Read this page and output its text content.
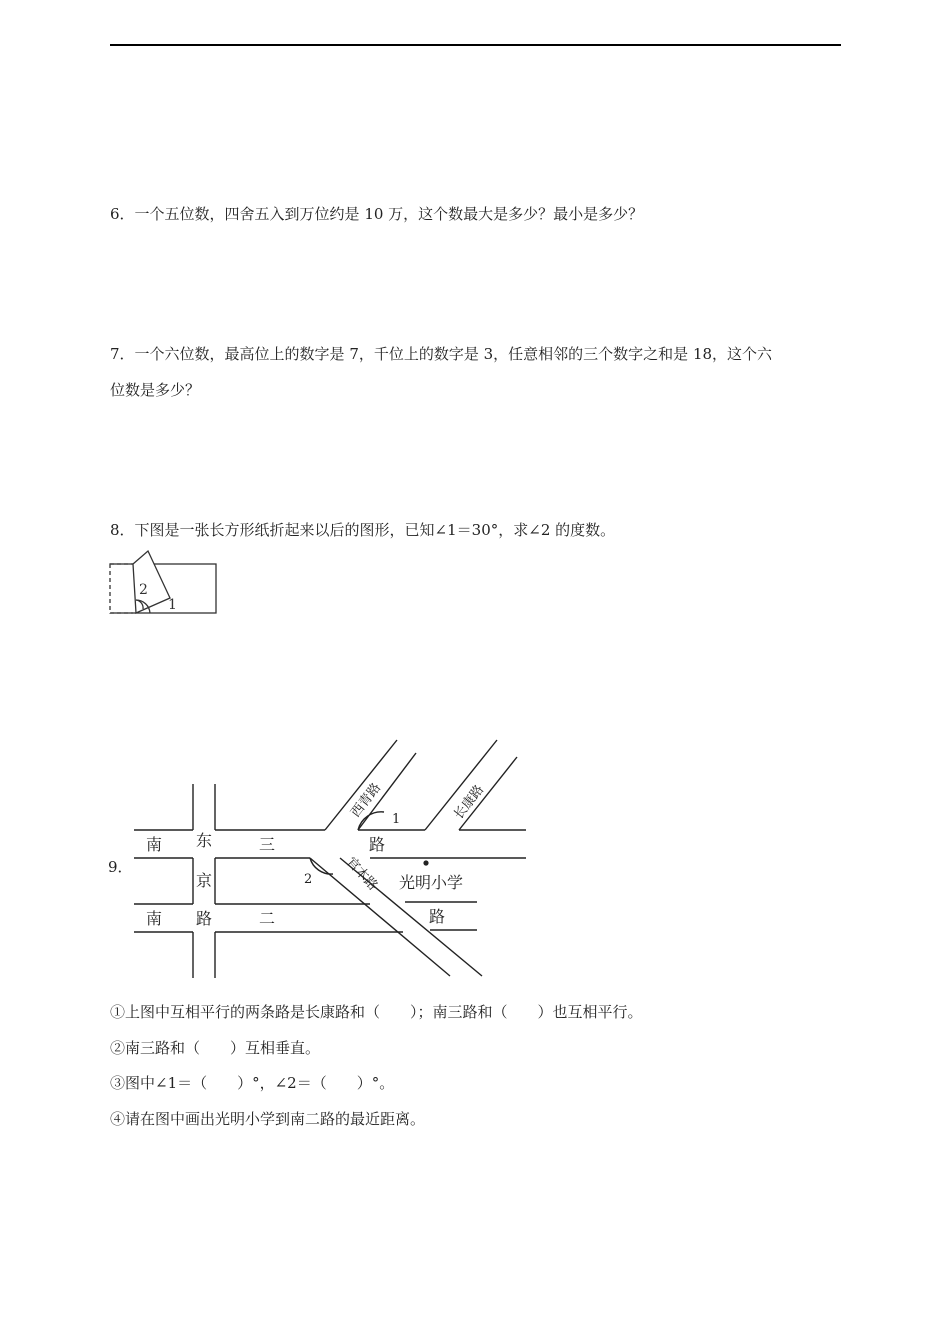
6．一个五位数，四舍五入到万位约是 10 万，这个数最大是多少？最小是多少？
7．一个六位数，最高位上的数字是 7，千位上的数字是 3，任意相邻的三个数字之和是 18，这个六
位数是多少？
8．下图是一张长方形纸折起来以后的图形，已知∠1＝30°，求∠2 的度数。
2
1
南 东	三	路
京
南 路	二	路
光明小学
西青路	长康路
官木路
1
2
9．
①上图中互相平行的两条路是长康路和（　　）；南三路和（　　）也互相平行。
②南三路和（　　）互相垂直。
③图中∠1＝（　　）°，∠2＝（　　）°。
④请在图中画出光明小学到南二路的最近距离。
